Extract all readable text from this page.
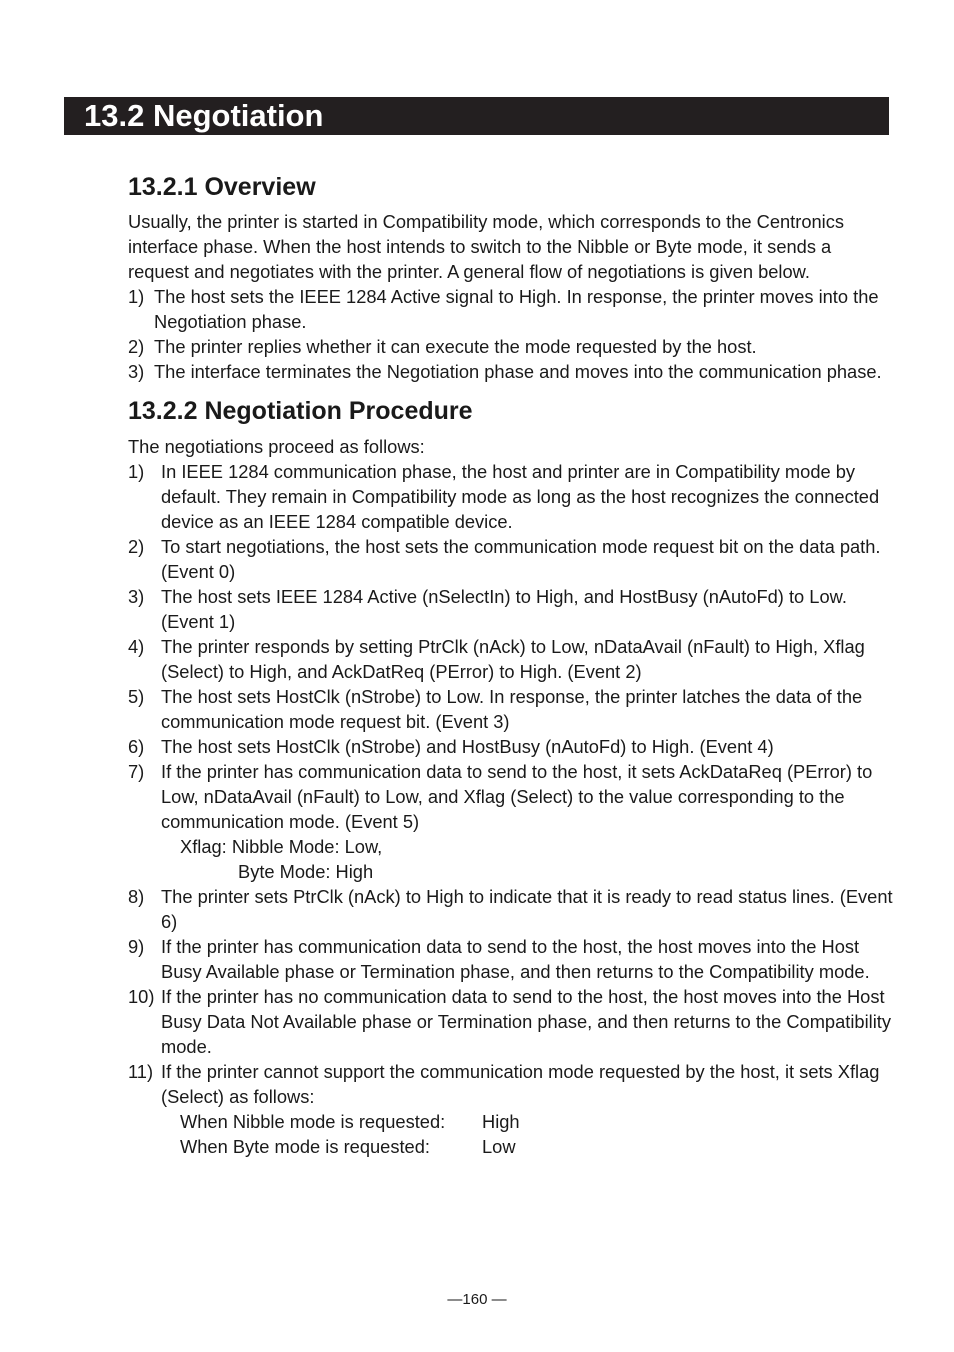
13.2 Negotiation
13.2.1 Overview

Usually, the printer is started in Compatibility mode, which corresponds to the Centronics interface phase. When the host intends to switch to the Nibble or Byte mode, it sends a request and negotiates with the printer. A general flow of negotiations is given below.

1) The host sets the IEEE 1284 Active signal to High. In response, the printer moves into the Negotiation phase.
2) The printer replies whether it can execute the mode requested by the host.
3) The interface terminates the Negotiation phase and moves into the communication phase.
13.2.2 Negotiation Procedure

The negotiations proceed as follows:

1) In IEEE 1284 communication phase, the host and printer are in Compatibility mode by default. They remain in Compatibility mode as long as the host recognizes the connected device as an IEEE 1284 compatible device.
2) To start negotiations, the host sets the communication mode request bit on the data path. (Event 0)
3) The host sets IEEE 1284 Active (nSelectIn) to High, and HostBusy (nAutoFd) to Low. (Event 1)
4) The printer responds by setting PtrClk (nAck) to Low, nDataAvail (nFault) to High, Xflag (Select) to High, and AckDatReq (PError) to High. (Event 2)
5) The host sets HostClk (nStrobe) to Low. In response, the printer latches the data of the communication mode request bit. (Event 3)
6) The host sets HostClk (nStrobe) and HostBusy (nAutoFd) to High. (Event 4)
7) If the printer has communication data to send to the host, it sets AckDataReq (PError) to Low, nDataAvail (nFault) to Low, and Xflag (Select) to the value corresponding to the communication mode. (Event 5)
Xflag: Nibble Mode: Low,
Byte Mode: High
8) The printer sets PtrClk (nAck) to High to indicate that it is ready to read status lines. (Event 6)
9) If the printer has communication data to send to the host, the host moves into the Host Busy Available phase or Termination phase, and then returns to the Compatibility mode.
10) If the printer has no communication data to send to the host, the host moves into the Host Busy Data Not Available phase or Termination phase, and then returns to the Compatibility mode.
11) If the printer cannot support the communication mode requested by the host, it sets Xflag (Select) as follows:
When Nibble mode is requested: High
When Byte mode is requested:	Low
—160 —
